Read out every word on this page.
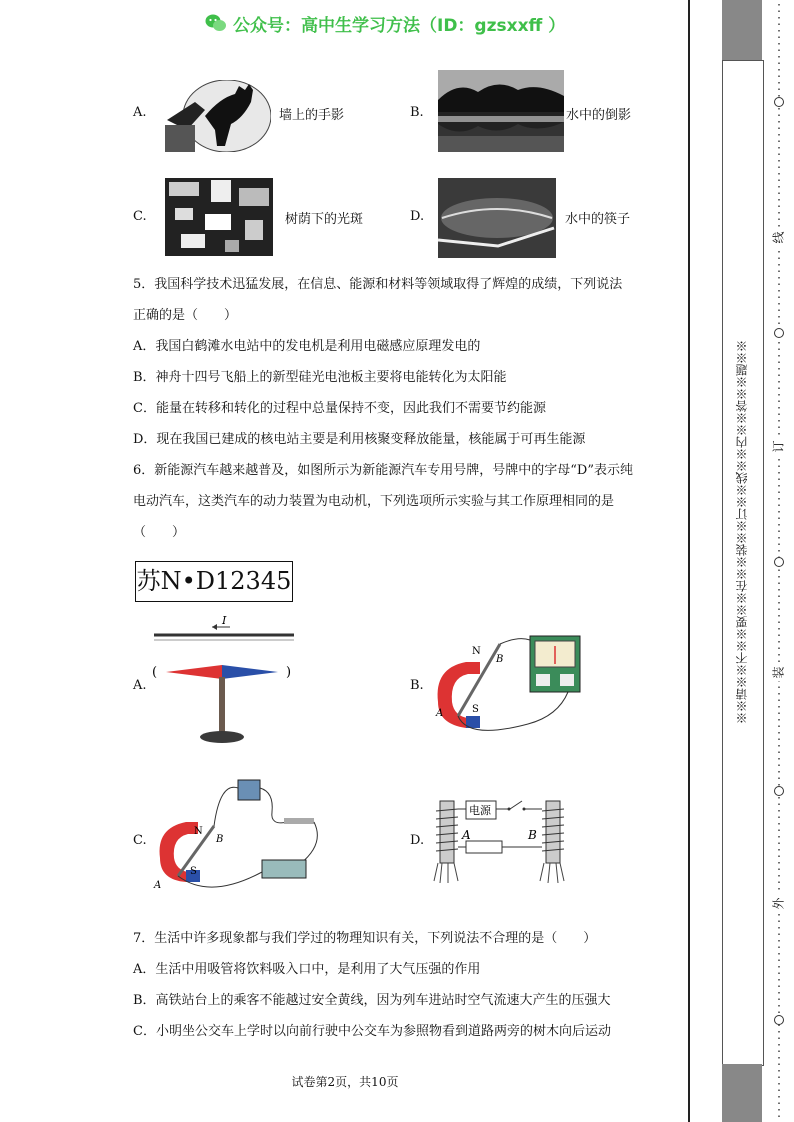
公众号：高中生学习方法（ID：gzsxxff ）
A.	墙上的手影	B.	水中的倒影
C.	树荫下的光斑	D.	水中的筷子
5．我国科学技术迅猛发展，在信息、能源和材料等领域取得了辉煌的成绩，下列说法
正确的是（　　）
A．我国白鹤滩水电站中的发电机是利用电磁感应原理发电的
B．神舟十四号飞船上的新型硅光电池板主要将电能转化为太阳能
C．能量在转移和转化的过程中总量保持不变，因此我们不需要节约能源
D．现在我国已建成的核电站主要是利用核聚变释放能量，核能属于可再生能源
6．新能源汽车越来越普及，如图所示为新能源汽车专用号牌，号牌中的字母“D”表示纯
电动汽车，这类汽车的动力装置为电动机，下列选项所示实验与其工作原理相同的是
（　　）
苏N•D12345
A.
I
(	)
B.
N
S
A
B
C.
N
S
A
B	D.
电源
A	B
7．生活中许多现象都与我们学过的物理知识有关，下列说法不合理的是（　　）
A．生活中用吸管将饮料吸入口中，是利用了大气压强的作用
B．高铁站台上的乘客不能越过安全黄线，因为列车进站时空气流速大产生的压强大
C．小明坐公交车上学时以向前行驶中公交车为参照物看到道路两旁的树木向后运动
试卷第2页，共10页
※※请※※不※※要※※在※※装※※订※※线※※内※※答※※题※※
线
订
装
外
